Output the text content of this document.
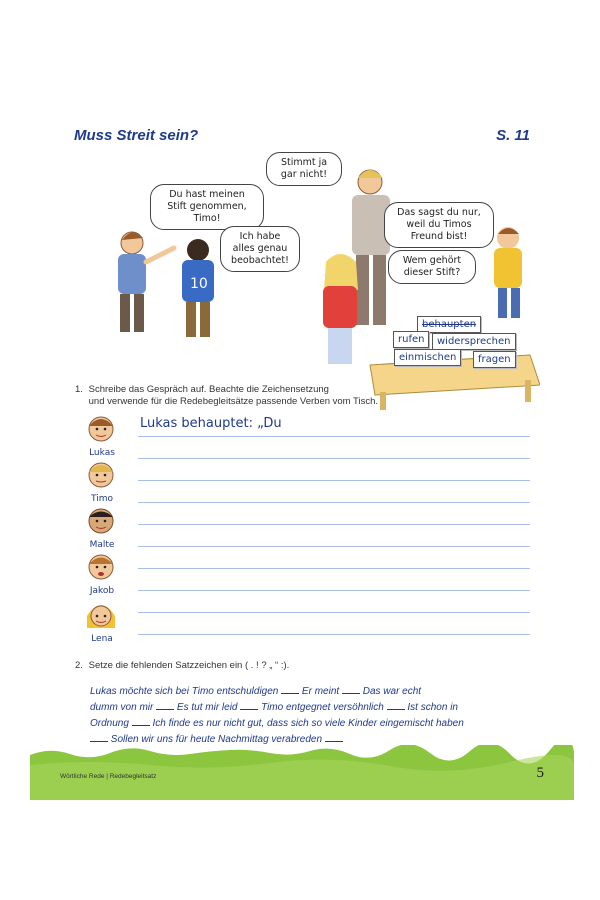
Muss Streit sein?	S. 11
10
Du hast meinen
Stift genommen,
Timo!
Ich habe
alles genau
beobachtet!
Stimmt ja
gar nicht!
Das sagst du nur,
weil du Timos
Freund bist!
Wem gehört
dieser Stift?
behaupten
rufen	widersprechen
einmischen	fragen
1. Schreibe das Gespräch auf. Beachte die Zeichensetzung
und verwende für die Redebegleitsätze passende Verben vom Tisch.
Lukas behauptet: „Du
Lukas
Timo
Malte
Jakob
Lena
2. Setze die fehlenden Satzzeichen ein ( . ! ? „ “ :).
Lukas möchte sich bei Timo entschuldigen Er meint Das war echt
dumm von mir Es tut mir leid Timo entgegnet versöhnlich Ist schon in
Ordnung Ich finde es nur nicht gut, dass sich so viele Kinder eingemischt haben
Sollen wir uns für heute Nachmittag verabreden
Wörtliche Rede | Redebegleitsatz	5
